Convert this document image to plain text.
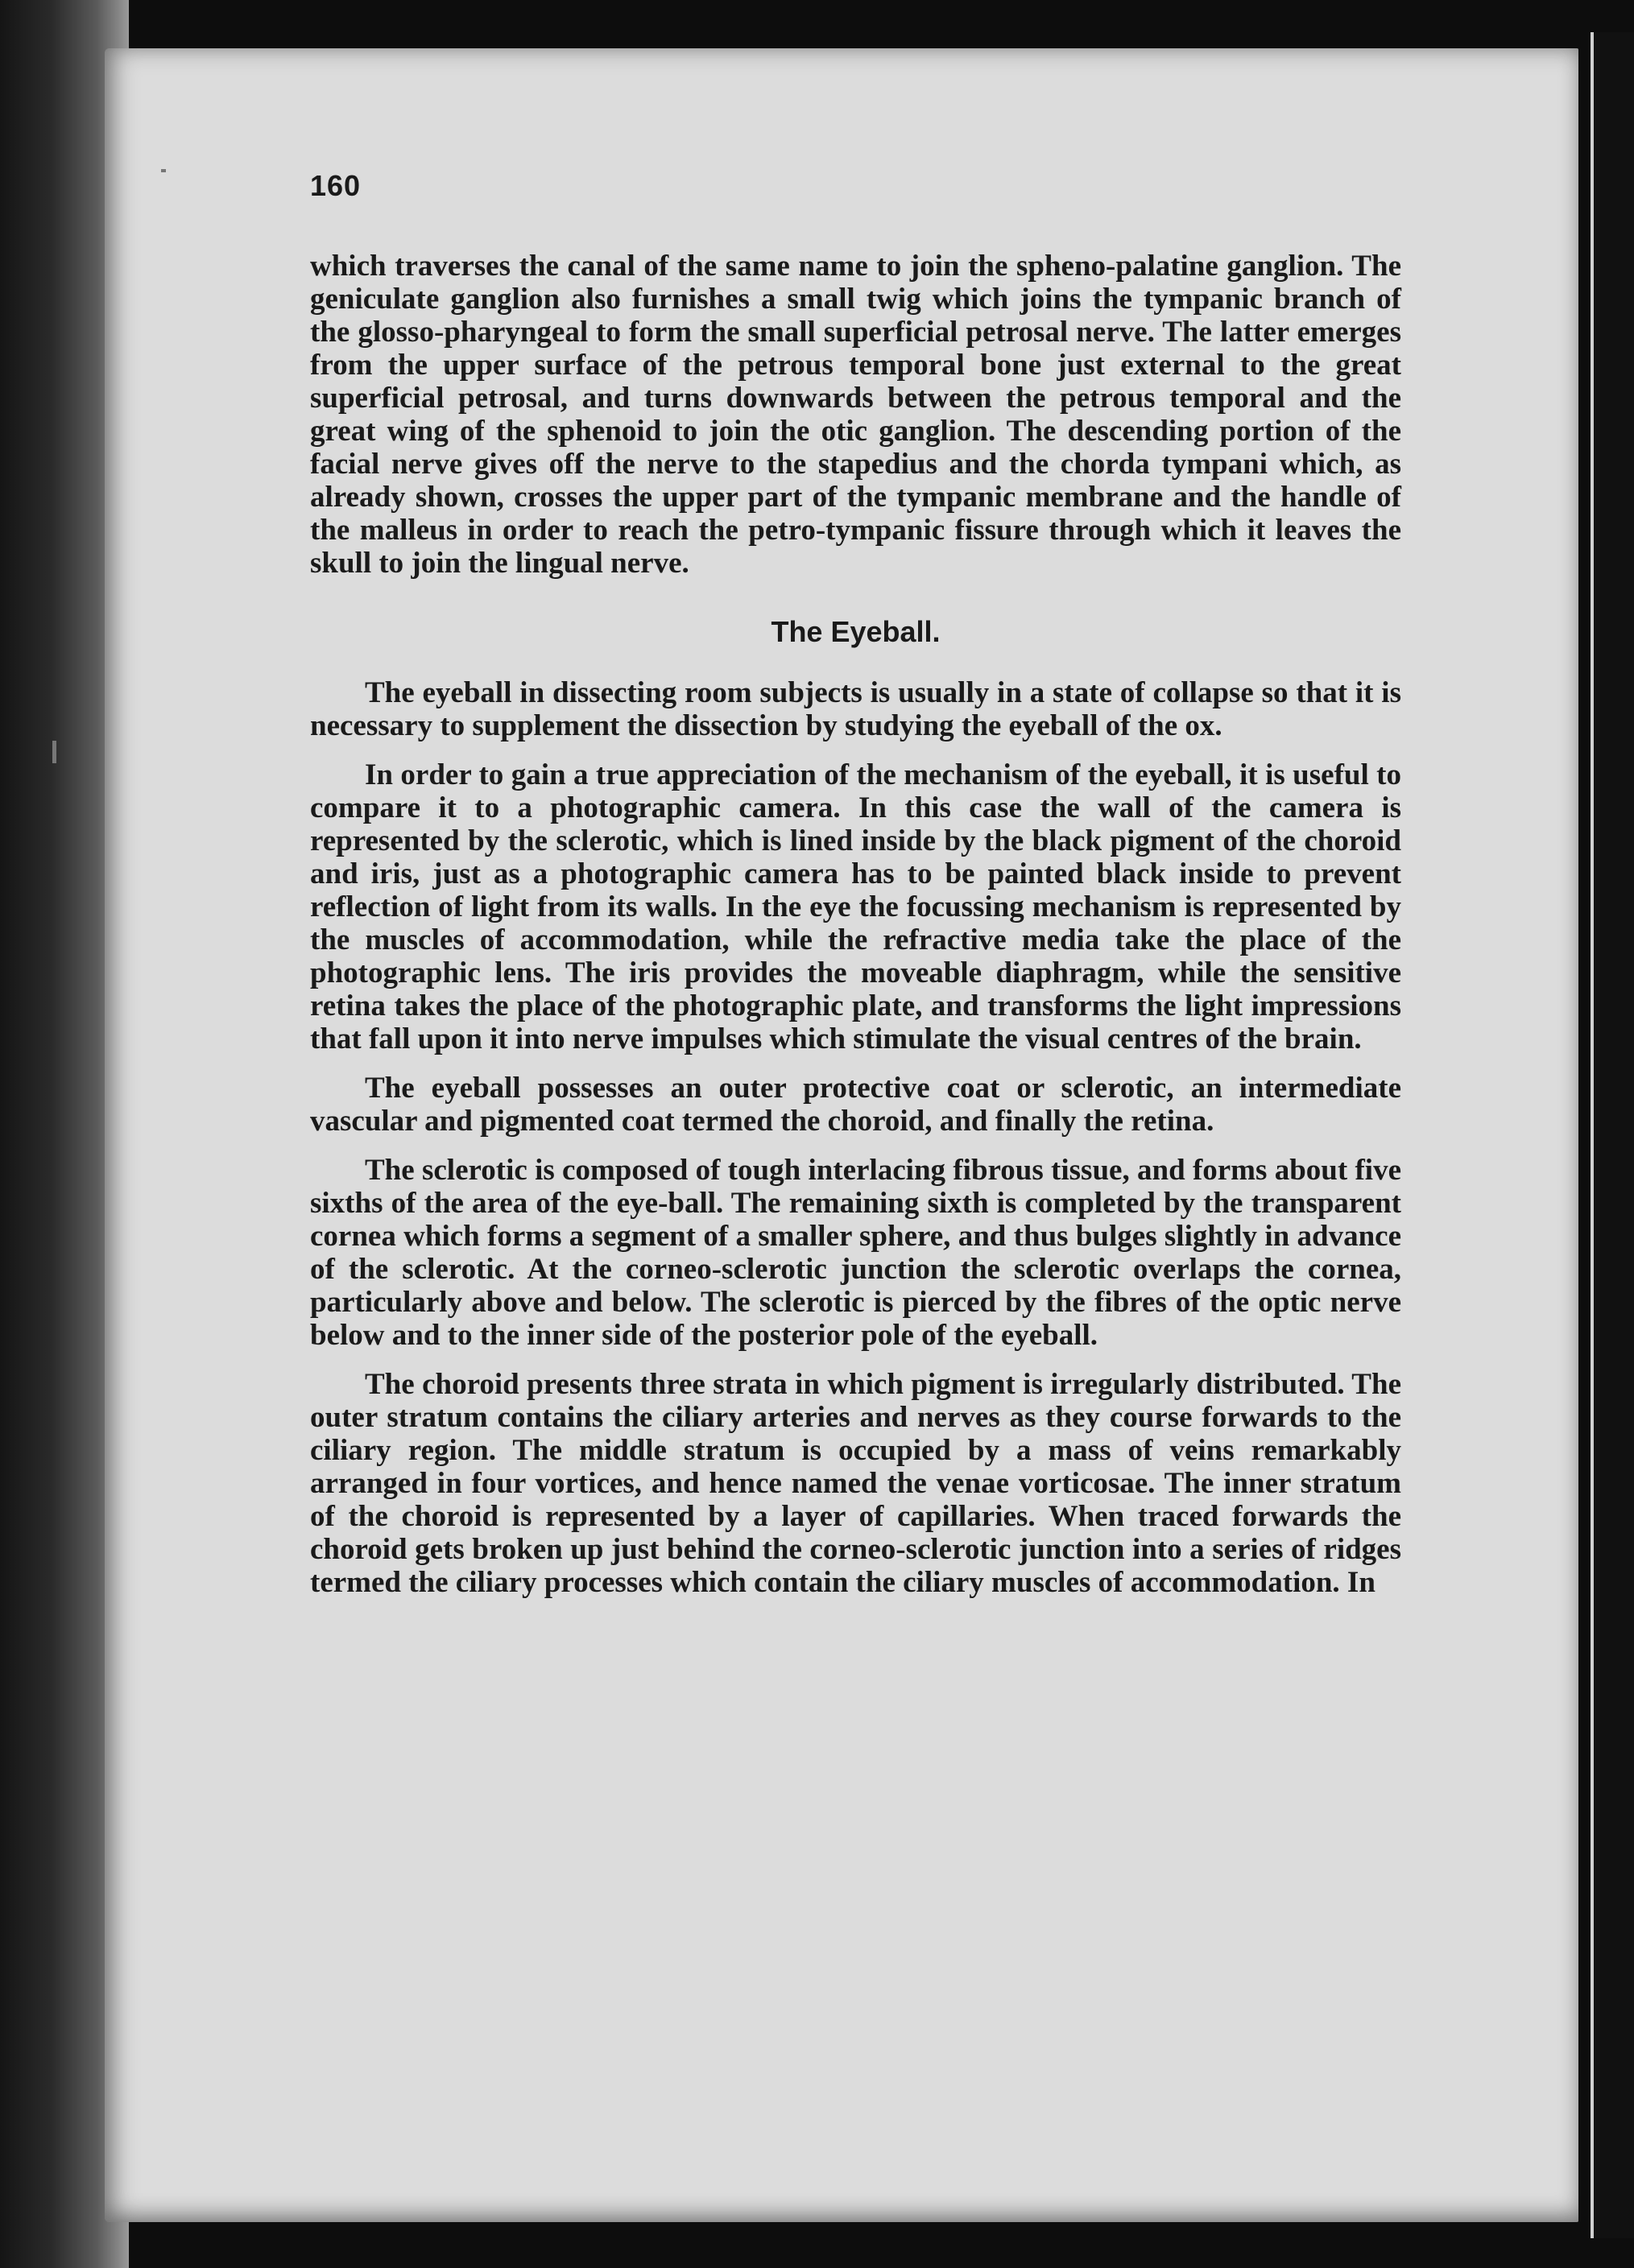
160

which traverses the canal of the same name to join the spheno-palatine ganglion. The geniculate ganglion also furnishes a small twig which joins the tympanic branch of the glosso-pharyngeal to form the small superficial petrosal nerve. The latter emerges from the upper surface of the petrous temporal bone just external to the great superficial petrosal, and turns downwards between the petrous temporal and the great wing of the sphenoid to join the otic ganglion. The descending portion of the facial nerve gives off the nerve to the stapedius and the chorda tympani which, as already shown, crosses the upper part of the tympanic membrane and the handle of the malleus in order to reach the petro-tympanic fissure through which it leaves the skull to join the lingual nerve.

The Eyeball.

The eyeball in dissecting room subjects is usually in a state of collapse so that it is necessary to supplement the dissection by studying the eyeball of the ox.

In order to gain a true appreciation of the mechanism of the eyeball, it is useful to compare it to a photographic camera. In this case the wall of the camera is represented by the sclerotic, which is lined inside by the black pigment of the choroid and iris, just as a photographic camera has to be painted black inside to prevent reflection of light from its walls. In the eye the focussing mechanism is represented by the muscles of accommodation, while the refractive media take the place of the photographic lens. The iris provides the moveable diaphragm, while the sensitive retina takes the place of the photographic plate, and transforms the light impressions that fall upon it into nerve impulses which stimulate the visual centres of the brain.

The eyeball possesses an outer protective coat or sclerotic, an intermediate vascular and pigmented coat termed the choroid, and finally the retina.

The sclerotic is composed of tough interlacing fibrous tissue, and forms about five sixths of the area of the eye-ball. The remaining sixth is completed by the transparent cornea which forms a segment of a smaller sphere, and thus bulges slightly in advance of the sclerotic. At the corneo-sclerotic junction the sclerotic overlaps the cornea, particularly above and below. The sclerotic is pierced by the fibres of the optic nerve below and to the inner side of the posterior pole of the eyeball.

The choroid presents three strata in which pigment is irregularly distributed. The outer stratum contains the ciliary arteries and nerves as they course forwards to the ciliary region. The middle stratum is occupied by a mass of veins remarkably arranged in four vortices, and hence named the venae vorticosae. The inner stratum of the choroid is represented by a layer of capillaries. When traced forwards the choroid gets broken up just behind the corneo-sclerotic junction into a series of ridges termed the ciliary processes which contain the ciliary muscles of accommodation. In
